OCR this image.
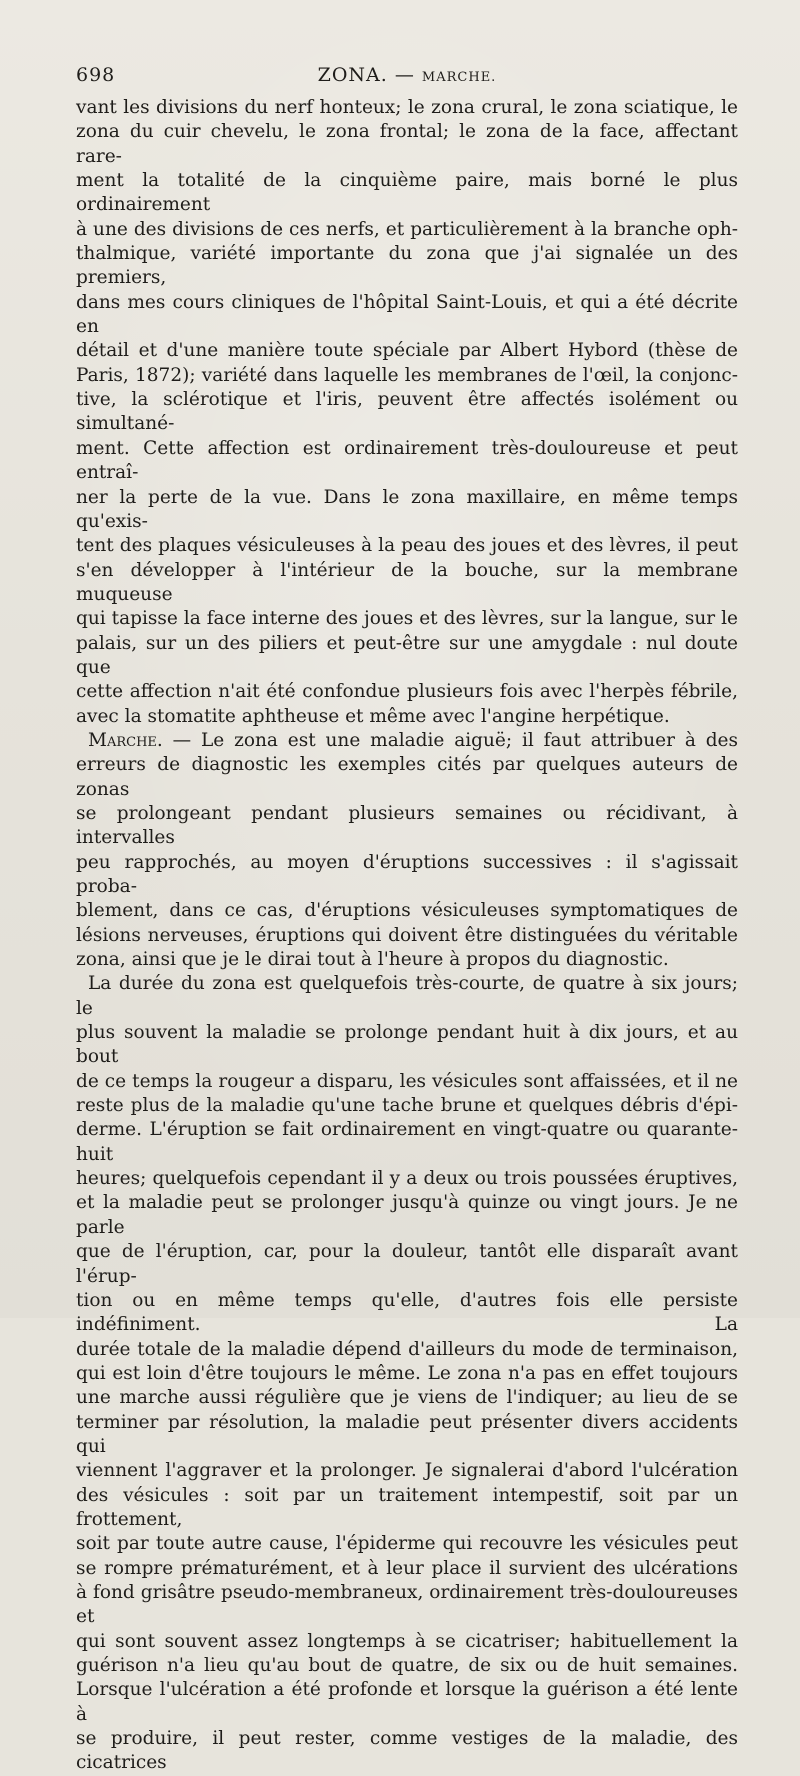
698	ZONA. — MARCHE.

vant les divisions du nerf honteux; le zona crural, le zona sciatique, le

zona du cuir chevelu, le zona frontal; le zona de la face, affectant rare-

ment la totalité de la cinquième paire, mais borné le plus ordinairement

à une des divisions de ces nerfs, et particulièrement à la branche oph-

thalmique, variété importante du zona que j'ai signalée un des premiers,

dans mes cours cliniques de l'hôpital Saint-Louis, et qui a été décrite en

détail et d'une manière toute spéciale par Albert Hybord (thèse de

Paris, 1872); variété dans laquelle les membranes de l'œil, la conjonc-

tive, la sclérotique et l'iris, peuvent être affectés isolément ou simultané-

ment. Cette affection est ordinairement très-douloureuse et peut entraî-

ner la perte de la vue. Dans le zona maxillaire, en même temps qu'exis-

tent des plaques vésiculeuses à la peau des joues et des lèvres, il peut

s'en développer à l'intérieur de la bouche, sur la membrane muqueuse

qui tapisse la face interne des joues et des lèvres, sur la langue, sur le

palais, sur un des piliers et peut-être sur une amygdale : nul doute que

cette affection n'ait été confondue plusieurs fois avec l'herpès fébrile,

avec la stomatite aphtheuse et même avec l'angine herpétique.

Marche. — Le zona est une maladie aiguë; il faut attribuer à des

erreurs de diagnostic les exemples cités par quelques auteurs de zonas

se prolongeant pendant plusieurs semaines ou récidivant, à intervalles

peu rapprochés, au moyen d'éruptions successives : il s'agissait proba-

blement, dans ce cas, d'éruptions vésiculeuses symptomatiques de

lésions nerveuses, éruptions qui doivent être distinguées du véritable

zona, ainsi que je le dirai tout à l'heure à propos du diagnostic.

La durée du zona est quelquefois très-courte, de quatre à six jours; le

plus souvent la maladie se prolonge pendant huit à dix jours, et au bout

de ce temps la rougeur a disparu, les vésicules sont affaissées, et il ne

reste plus de la maladie qu'une tache brune et quelques débris d'épi-

derme. L'éruption se fait ordinairement en vingt-quatre ou quarante-huit

heures; quelquefois cependant il y a deux ou trois poussées éruptives,

et la maladie peut se prolonger jusqu'à quinze ou vingt jours. Je ne parle

que de l'éruption, car, pour la douleur, tantôt elle disparaît avant l'érup-

tion ou en même temps qu'elle, d'autres fois elle persiste indéfiniment. La

durée totale de la maladie dépend d'ailleurs du mode de terminaison,

qui est loin d'être toujours le même. Le zona n'a pas en effet toujours

une marche aussi régulière que je viens de l'indiquer; au lieu de se

terminer par résolution, la maladie peut présenter divers accidents qui

viennent l'aggraver et la prolonger. Je signalerai d'abord l'ulcération

des vésicules : soit par un traitement intempestif, soit par un frottement,

soit par toute autre cause, l'épiderme qui recouvre les vésicules peut

se rompre prématurément, et à leur place il survient des ulcérations

à fond grisâtre pseudo-membraneux, ordinairement très-douloureuses et

qui sont souvent assez longtemps à se cicatriser; habituellement la

guérison n'a lieu qu'au bout de quatre, de six ou de huit semaines.

Lorsque l'ulcération a été profonde et lorsque la guérison a été lente à

se produire, il peut rester, comme vestiges de la maladie, des cicatrices
